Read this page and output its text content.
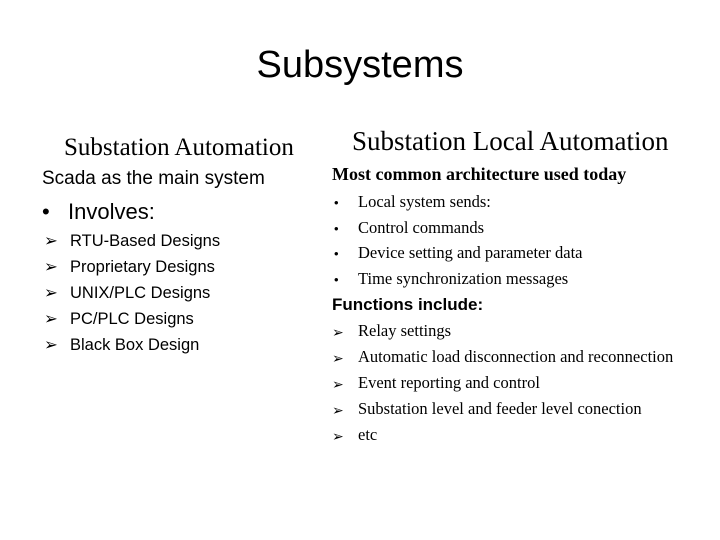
Subsystems
Substation Automation Substation Local Automation
Scada as the main system	Most common architecture used today
• Involves:
➢ RTU-Based Designs
➢ Proprietary Designs
➢ UNIX/PLC Designs
➢ PC/PLC Designs
➢ Black Box Design
• Local system sends:
• Control commands
• Device setting and parameter data
• Time synchronization messages
Functions include:
➢ Relay settings
➢ Automatic load disconnection and reconnection
➢ Event reporting and control
➢ Substation level and feeder level conection
➢ etc
